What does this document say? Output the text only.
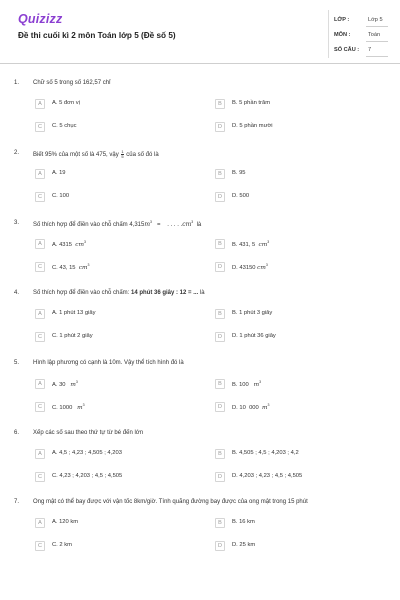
Quizizz
Đề thi cuối kì 2 môn Toán lớp 5 (Đề số 5)
LỚP :	Lớp 5
MÔN :	Toán
SỐ CÂU : 7
1. Chữ số 5 trong số 162,57 chỉ
A	A. 5 đơn vị	B	B. 5 phần trăm
C	C. 5 chục	D	D. 5 phần mười
2. Biết 95% của một số là 475, vậy $\frac{1}{5}$ của số đó là
A	A. 19	B	B. 95
C	C. 100	D	D. 500
3. Số thích hợp để điền vào chỗ chấm $4,315m^3$ = . . . . $.cm^3$ là
A	A. 4315 $cm^3$	B	B. 431, 5 $cm^3$
C	C. 43, 15 $cm^3$	D	D. 43150 $cm^3$
4. Số thích hợp để điền vào chỗ chấm: 14 phút 36 giây : 12 = ... là
A	A. 1 phút 13 giây	B	B. 1 phút 3 giây
C	C. 1 phút 2 giây	D	D. 1 phút 36 giây
5. Hình lập phương có cạnh là 10m. Vậy thể tích hình đó là
A	A. 30 $m^3$	B	B. 100 $m^3$
C	C. 1000 $m^3$	D	D. 10  000 $m^3$
6. Xếp các số sau theo thứ tự từ bé đến lớn
A	A. 4,5 ; 4,23 ; 4,505 ; 4,203	B	B. 4,505 ; 4,5 ; 4,203 ; 4,2
C	C. 4,23 ; 4,203 ; 4,5 ; 4,505	D	D. 4,203 ; 4,23 ; 4,5 ; 4,505
7. Ong mật có thể bay được với vận tốc 8km/giờ. Tính quãng đường bay được của ong mật trong 15 phút
A	A. 120 km	B	B. 16 km
C	C. 2 km	D	D. 25 km
